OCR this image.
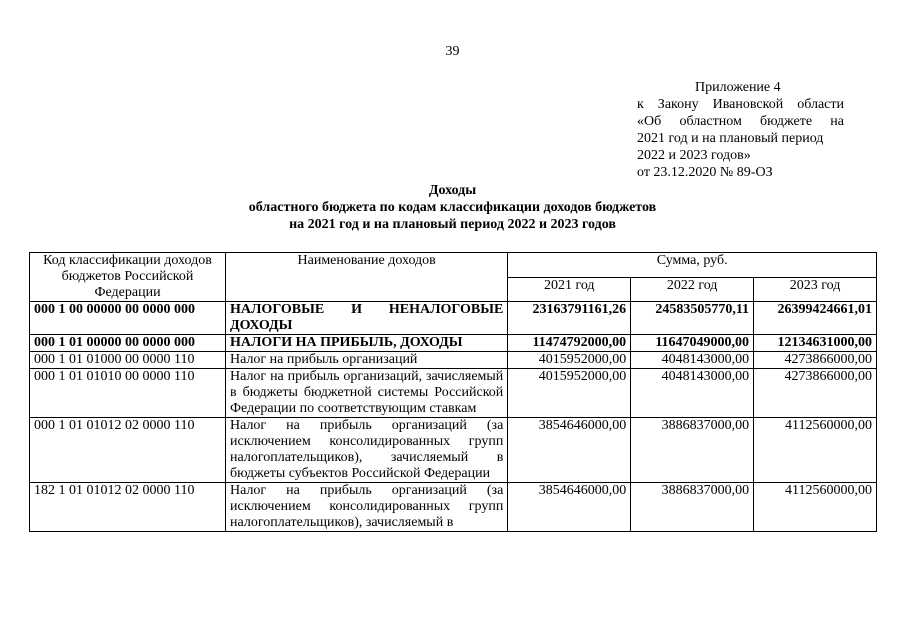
39
Приложение 4
к Закону Ивановской области
«Об областном бюджете на
2021 год и на плановый период
2022 и 2023 годов»
от 23.12.2020 № 89-ОЗ
Доходы
областного бюджета по кодам классификации доходов бюджетов
на 2021 год и на плановый период 2022 и 2023 годов
Код классификации доходов бюджетов Российской Федерации	Наименование доходов	Сумма, руб.		
		2021 год	2022 год	2023 год
000 1 00 00000 00 0000 000	НАЛОГОВЫЕ И НЕНАЛОГОВЫЕ ДОХОДЫ	23163791161,26	24583505770,11	26399424661,01
000 1 01 00000 00 0000 000	НАЛОГИ НА ПРИБЫЛЬ, ДОХОДЫ	11474792000,00	11647049000,00	12134631000,00
000 1 01 01000 00 0000 110	Налог на прибыль организаций	4015952000,00	4048143000,00	4273866000,00
000 1 01 01010 00 0000 110	Налог на прибыль организаций, зачисляемый в бюджеты бюджетной системы Российской Федерации по соответствующим ставкам	4015952000,00	4048143000,00	4273866000,00
000 1 01 01012 02 0000 110	Налог на прибыль организаций (за исключением консолидированных групп налогоплательщиков), зачисляемый в бюджеты субъектов Российской Федерации	3854646000,00	3886837000,00	4112560000,00
182 1 01 01012 02 0000 110	Налог на прибыль организаций (за исключением консолидированных групп налогоплательщиков), зачисляемый в	3854646000,00	3886837000,00	4112560000,00
